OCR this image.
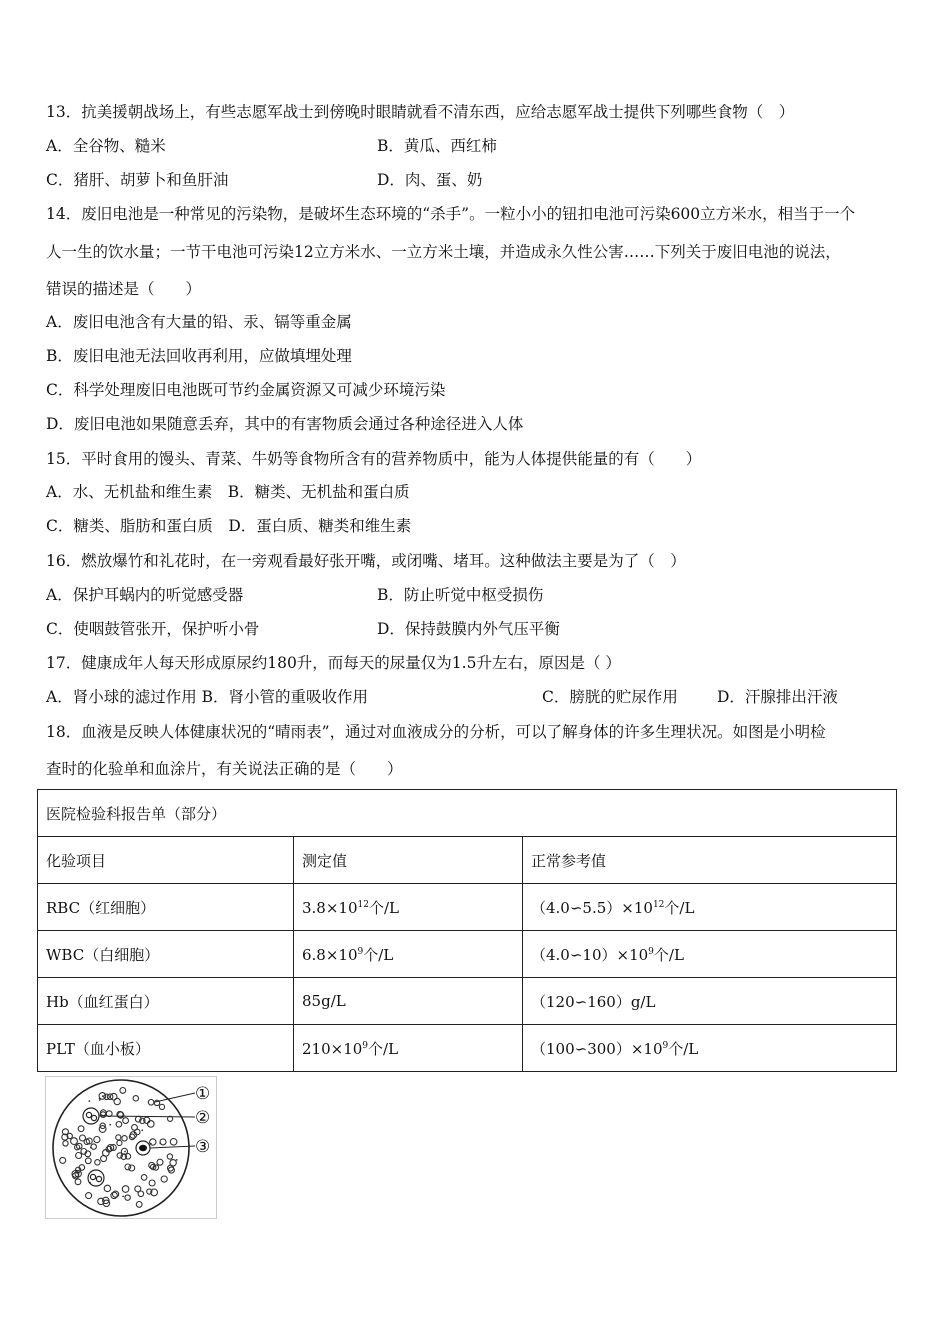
13．抗美援朝战场上，有些志愿军战士到傍晚时眼睛就看不清东西，应给志愿军战士提供下列哪些食物（　）
A．全谷物、糙米	B．黄瓜、西红柿
C．猪肝、胡萝卜和鱼肝油	D．肉、蛋、奶
14．废旧电池是一种常见的污染物，是破坏生态环境的“杀手”。一粒小小的钮扣电池可污染600立方米水，相当于一个
人一生的饮水量；一节干电池可污染12立方米水、一立方米土壤，并造成永久性公害……下列关于废旧电池的说法，
错误的描述是（　　）
A．废旧电池含有大量的铅、汞、镉等重金属
B．废旧电池无法回收再利用，应做填埋处理
C．科学处理废旧电池既可节约金属资源又可减少环境污染
D．废旧电池如果随意丢弃，其中的有害物质会通过各种途径进入人体
15．平时食用的馒头、青菜、牛奶等食物所含有的营养物质中，能为人体提供能量的有（　　）
A．水、无机盐和维生素　B．糖类、无机盐和蛋白质
C．糖类、脂肪和蛋白质　D．蛋白质、糖类和维生素
16．燃放爆竹和礼花时，在一旁观看最好张开嘴，或闭嘴、堵耳。这种做法主要是为了（　）
A．保护耳蜗内的听觉感受器	B．防止听觉中枢受损伤
C．使咽鼓管张开，保护听小骨	D．保持鼓膜内外气压平衡
17．健康成年人每天形成原尿约180升，而每天的尿量仅为1.5升左右，原因是（ ）
A．肾小球的滤过作用 B．肾小管的重吸收作用	C．膀胱的贮尿作用	D．汗腺排出汗液
18．血液是反映人体健康状况的“晴雨表”，通过对血液成分的分析，可以了解身体的许多生理状况。如图是小明检
查时的化验单和血涂片，有关说法正确的是（　　）
医院检验科报告单（部分）		
化验项目	测定值	正常参考值
RBC（红细胞）	$3.8\times 10^{12}$个/L	$(4.0∽5.5)\times 10^{12}$个/L
WBC（白细胞）	$6.8\times 10^9$个/L	$(4.0∽10)\times 10^9$个/L
Hb（血红蛋白）	85g/L	（120∽160）g/L
PLT（血小板）	$210\times 10^9$个/L	$(100∽300)\times 10^9$个/L
①
②
③
